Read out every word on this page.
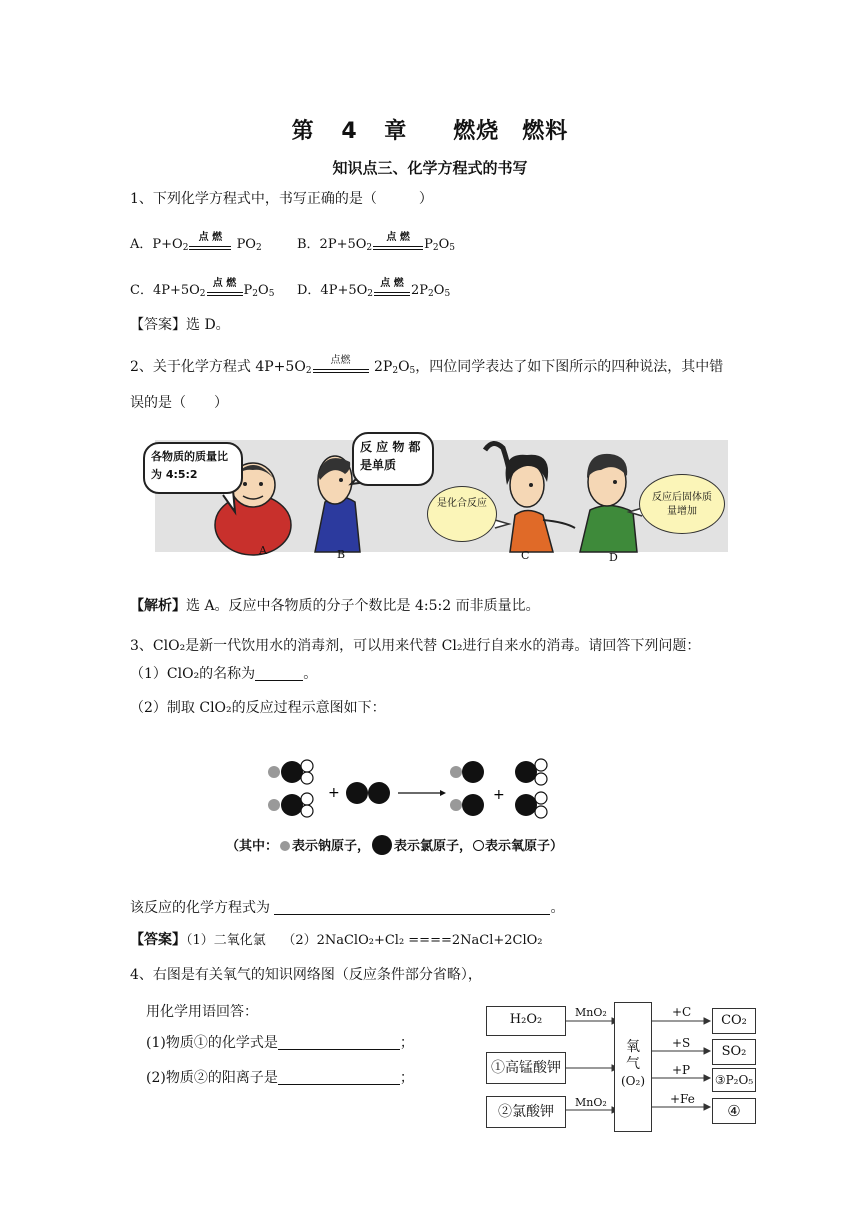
第 4 章　　燃烧　燃料
知识点三、化学方程式的书写
1、下列化学方程式中，书写正确的是（　　　）
A．$P+O_2$
点 燃	$PO_2$	B．$2P+5O_2$
点 燃	$P_2O_5$
C．$4P+5O_2$
点 燃 $P_2O_5$ D．$4P+5O_2$
点 燃 $2P_2O_5$
【答案】选 D。
2、关于化学方程式 $4P+5O_2$
点燃	$2P_2O_5$，四位同学表达了如下图所示的四种说法，其中错
误的是（　　）
各物质的质量比为 4:5:2
反 应 物 都是单质
是化合反应
反应后固体质量增加
A	B	C	D
【解析】选 A。反应中各物质的分子个数比是 4:5:2 而非质量比。
3、ClO₂是新一代饮用水的消毒剂，可以用来代替 Cl₂进行自来水的消毒。请回答下列问题：
（1）ClO₂的名称为	。
（2）制取 ClO₂的反应过程示意图如下：
+	+
（其中： 表示钠原子， 表示氯原子， 表示氧原子）
该反应的化学方程式为	。
【答案】（1）二氧化氯 （2）2NaClO₂+Cl₂ ====2NaCl+2ClO₂
4、右图是有关氧气的知识网络图（反应条件部分省略），
用化学用语回答：
(1)物质①的化学式是	；
(2)物质②的阳离子是	；
H₂O₂
①高锰酸钾
②氯酸钾
MnO₂
MnO₂
氧
气
(O₂)
+C
+S
+P
+Fe
CO₂
SO₂
③P₂O₅
④
